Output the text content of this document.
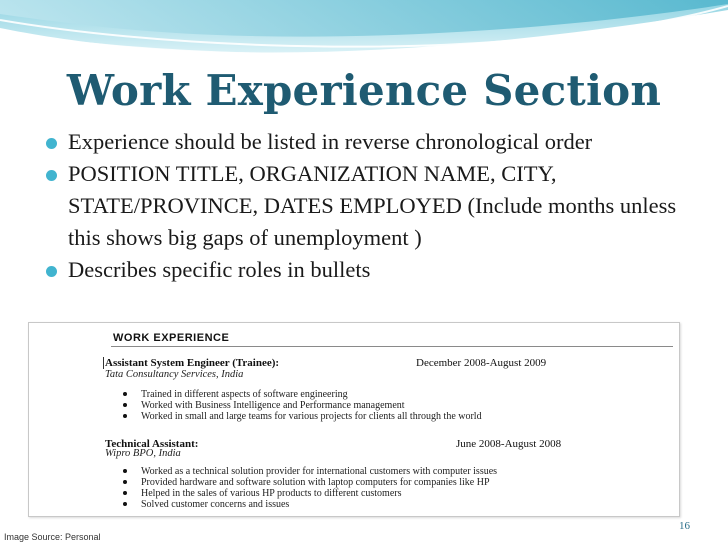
Work Experience Section
Experience should be listed in reverse chronological order
POSITION TITLE, ORGANIZATION NAME, CITY, STATE/PROVINCE, DATES EMPLOYED (Include months unless this shows big gaps of unemployment )
Describes specific roles in bullets
WORK EXPERIENCE
Assistant System Engineer (Trainee):	December 2008-August 2009
Tata Consultancy Services, India
Trained in different aspects of software engineering
Worked with Business Intelligence and Performance management
Worked in small and large teams for various projects for clients all through the world
Technical Assistant:	June 2008-August 2008
Wipro BPO, India
Worked as a technical solution provider for international customers with computer issues
Provided hardware and software solution with laptop computers for companies like HP
Helped in the sales of various HP products to different customers
Solved customer concerns and issues
16
Image Source: Personal
